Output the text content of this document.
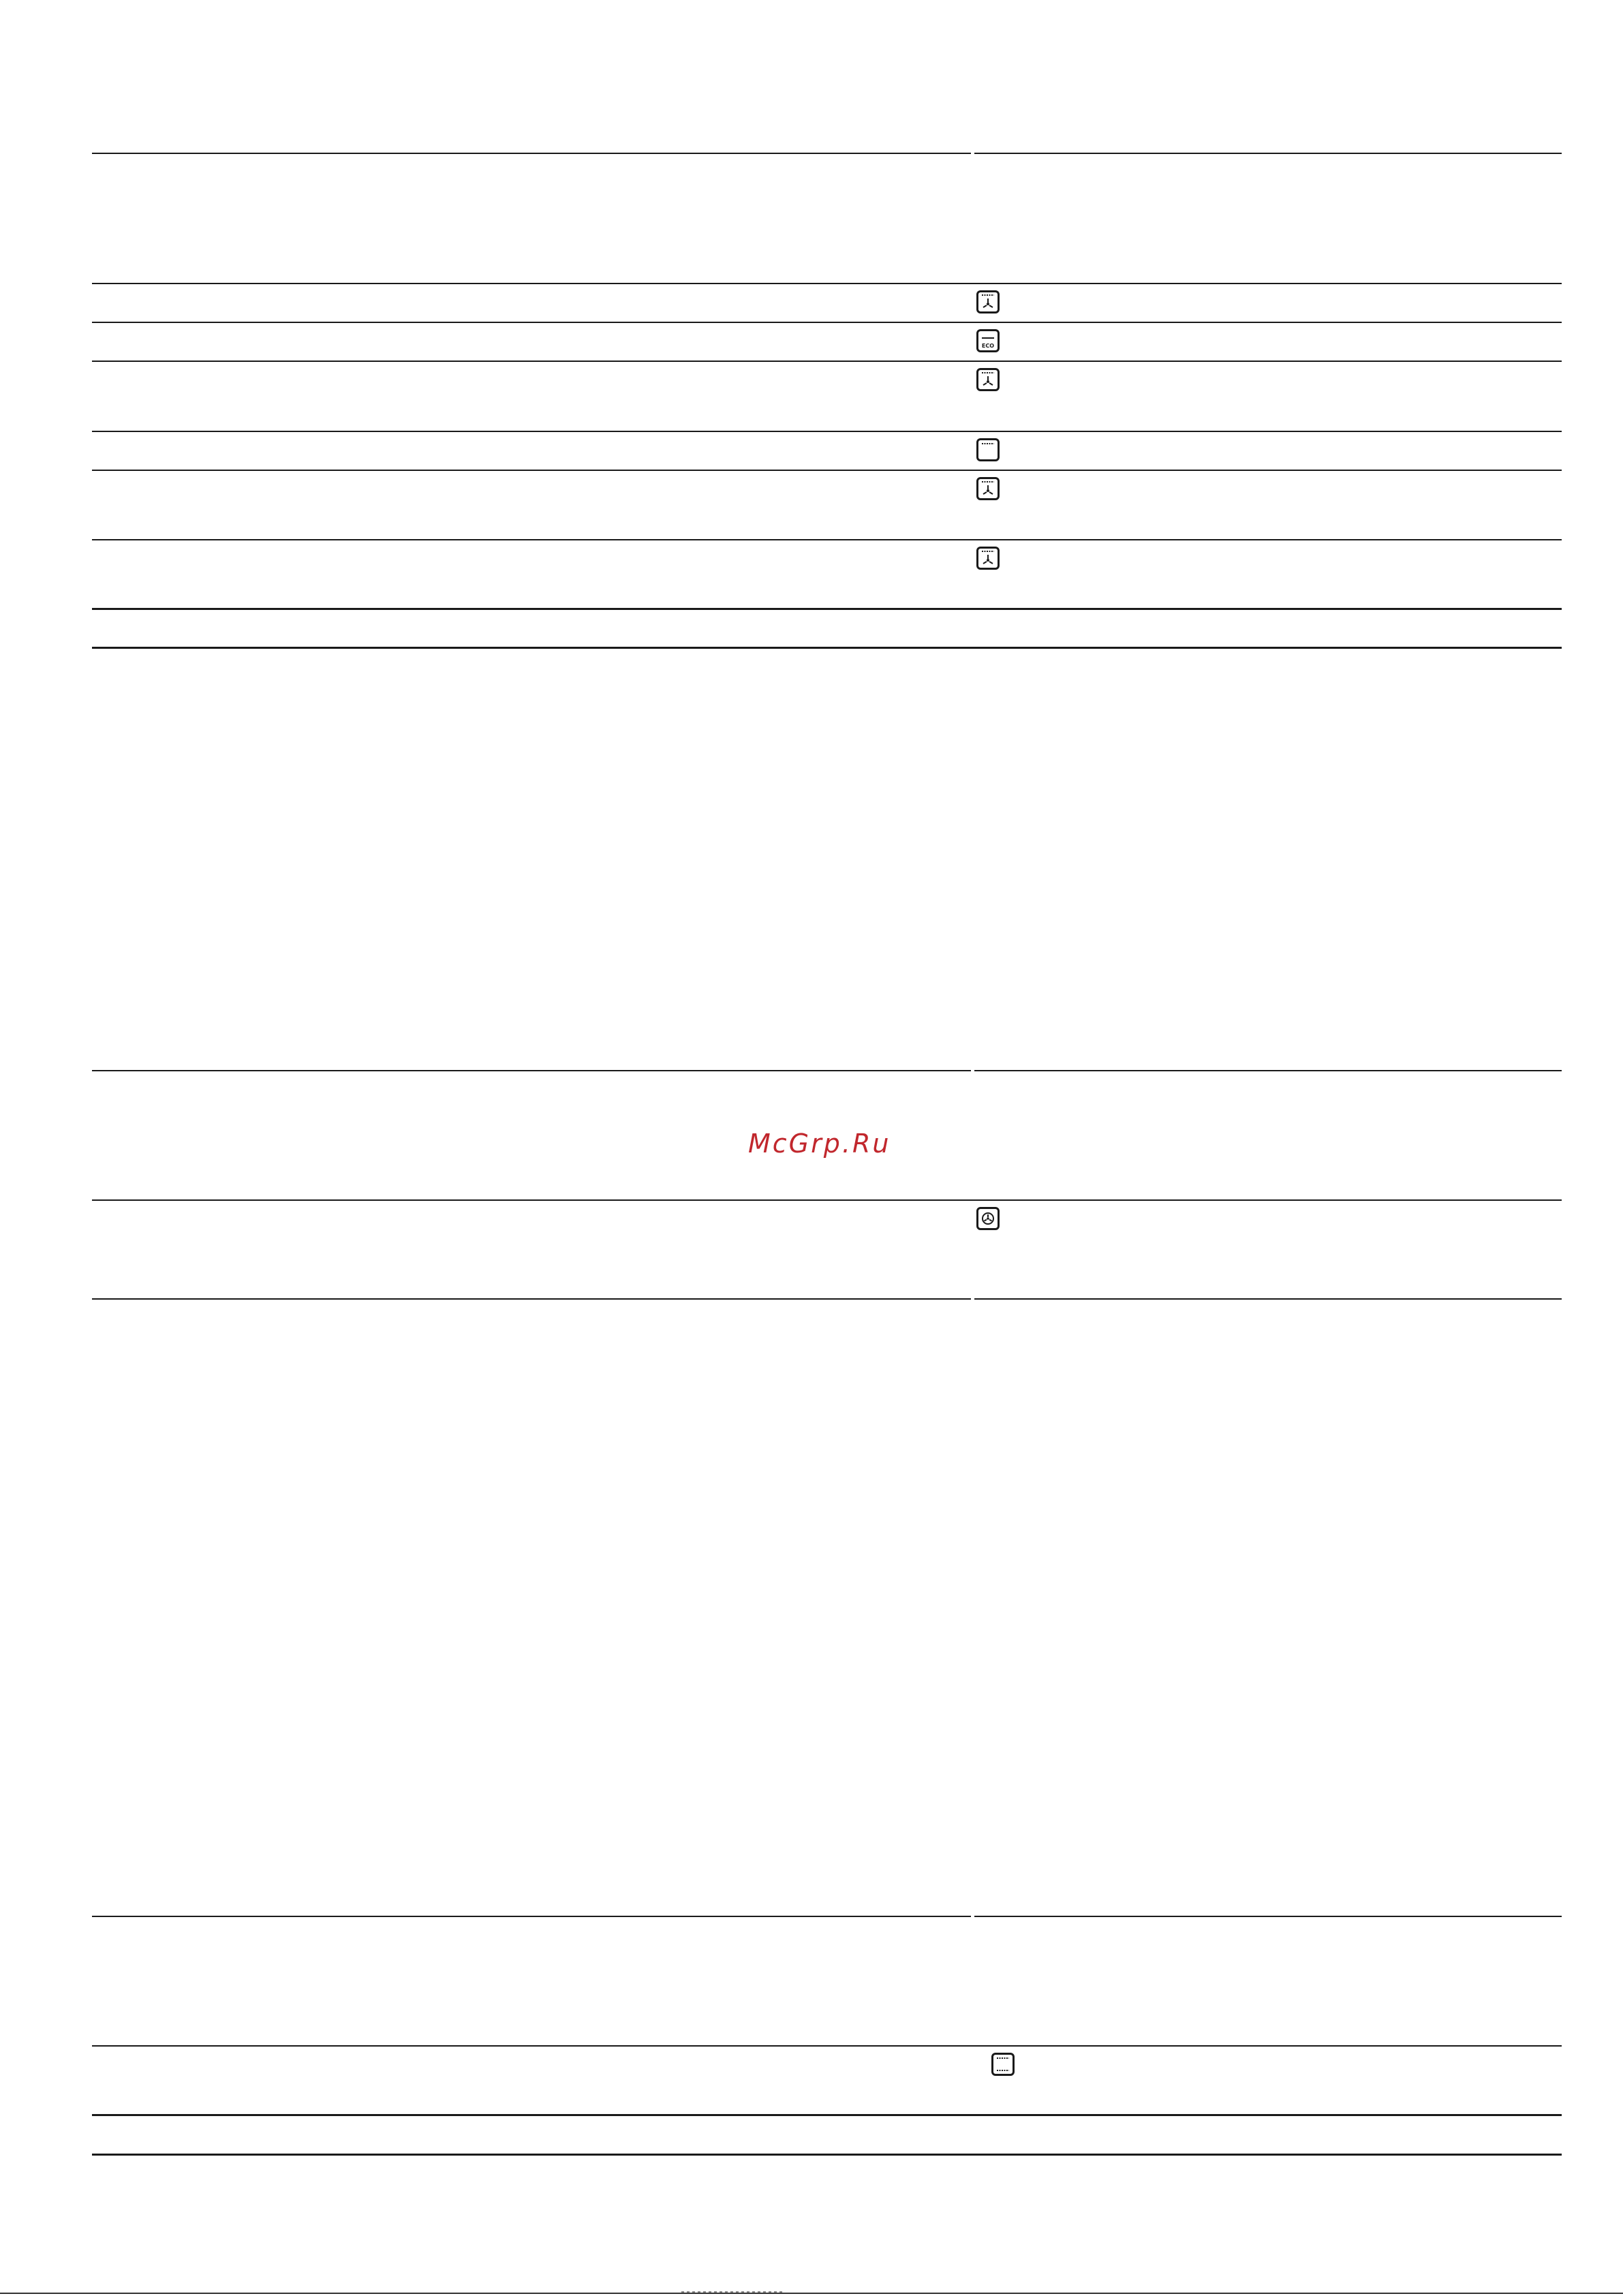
ECO
McGrp.Ru
